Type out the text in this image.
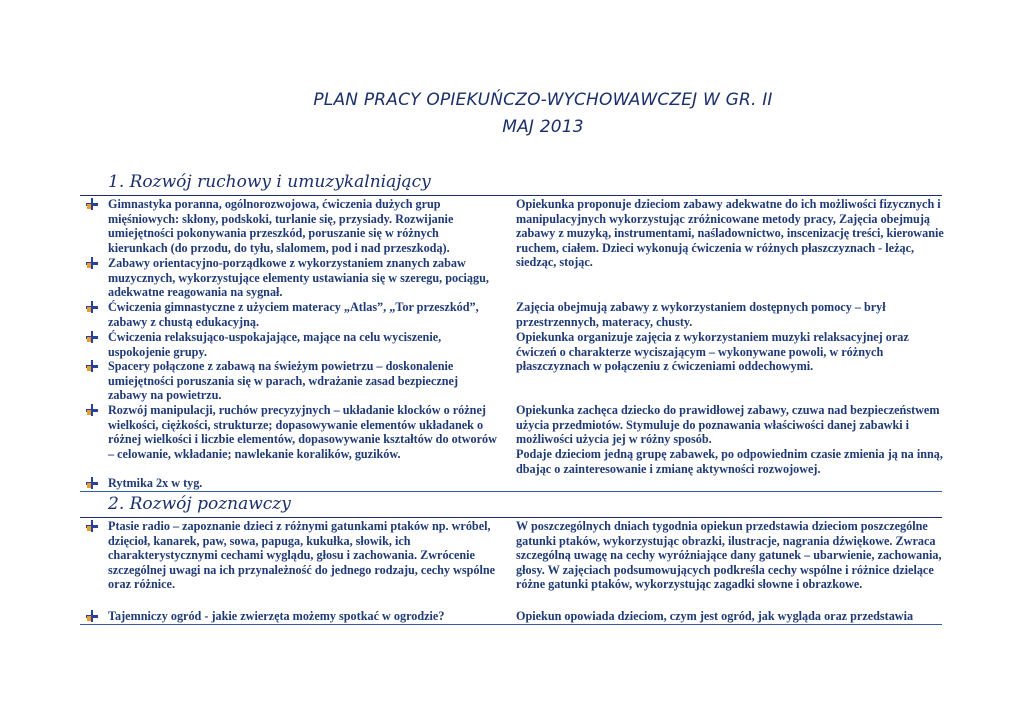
PLAN PRACY OPIEKUŃCZO-WYCHOWAWCZEJ W GR. II
MAJ 2013
1. Rozwój ruchowy i umuzykalniający

Gimnastyka poranna, ogólnorozwojowa, ćwiczenia dużych grup mięśniowych: skłony, podskoki, turlanie się, przysiady. Rozwijanie umiejętności pokonywania przeszkód, poruszanie się w różnych kierunkach (do przodu, do tyłu, slalomem, pod i nad przeszkodą).

Zabawy orientacyjno-porządkowe z wykorzystaniem znanych zabaw muzycznych, wykorzystujące elementy ustawiania się w szeregu, pociągu, adekwatne reagowania na sygnał.

Ćwiczenia gimnastyczne z użyciem materacy „Atlas”, „Tor przeszkód”, zabawy z chustą edukacyjną.

Ćwiczenia relaksująco-uspokajające, mające na celu wyciszenie, uspokojenie grupy.

Spacery połączone z zabawą na świeżym powietrzu – doskonalenie umiejętności poruszania się w parach, wdrażanie zasad bezpiecznej zabawy na powietrzu.

Rozwój manipulacji, ruchów precyzyjnych – układanie klocków o różnej wielkości, ciężkości, strukturze; dopasowywanie elementów układanek o różnej wielkości i liczbie elementów, dopasowywanie kształtów do otworów – celowanie, wkładanie; nawlekanie koralików, guzików.

Rytmika 2x w tyg.

Opiekunka proponuje dzieciom zabawy adekwatne do ich możliwości fizycznych i manipulacyjnych wykorzystując zróżnicowane metody pracy, Zajęcia obejmują zabawy z muzyką, instrumentami, naśladownictwo, inscenizację treści, kierowanie ruchem, ciałem. Dzieci wykonują ćwiczenia w różnych płaszczyznach - leżąc, siedząc, stojąc.
Zajęcia obejmują zabawy z wykorzystaniem dostępnych pomocy – brył przestrzennych, materacy, chusty.
Opiekunka organizuje zajęcia z wykorzystaniem muzyki relaksacyjnej oraz ćwiczeń o charakterze wyciszającym – wykonywane powoli, w różnych płaszczyznach w połączeniu z ćwiczeniami oddechowymi.
Opiekunka zachęca dziecko do prawidłowej zabawy, czuwa nad bezpieczeństwem użycia przedmiotów. Stymuluje do poznawania właściwości danej zabawki i możliwości użycia jej w różny sposób.
Podaje dzieciom jedną grupę zabawek, po odpowiednim czasie zmienia ją na inną, dbając o zainteresowanie i zmianę aktywności rozwojowej.
2. Rozwój poznawczy

Ptasie radio – zapoznanie dzieci z różnymi gatunkami ptaków np. wróbel, dzięcioł, kanarek, paw, sowa, papuga, kukułka, słowik, ich charakterystycznymi cechami wyglądu, głosu i zachowania. Zwrócenie szczególnej uwagi na ich przynależność do jednego rodzaju, cechy wspólne oraz różnice.

Tajemniczy ogród - jakie zwierzęta możemy spotkać w ogrodzie?

W poszczególnych dniach tygodnia opiekun przedstawia dzieciom poszczególne gatunki ptaków, wykorzystując obrazki, ilustracje, nagrania dźwiękowe. Zwraca szczególną uwagę na cechy wyróżniające dany gatunek – ubarwienie, zachowania, głosy. W zajęciach podsumowujących podkreśla cechy wspólne i różnice dzielące różne gatunki ptaków, wykorzystując zagadki słowne i obrazkowe.
Opiekun opowiada dzieciom, czym jest ogród, jak wygląda oraz przedstawia
